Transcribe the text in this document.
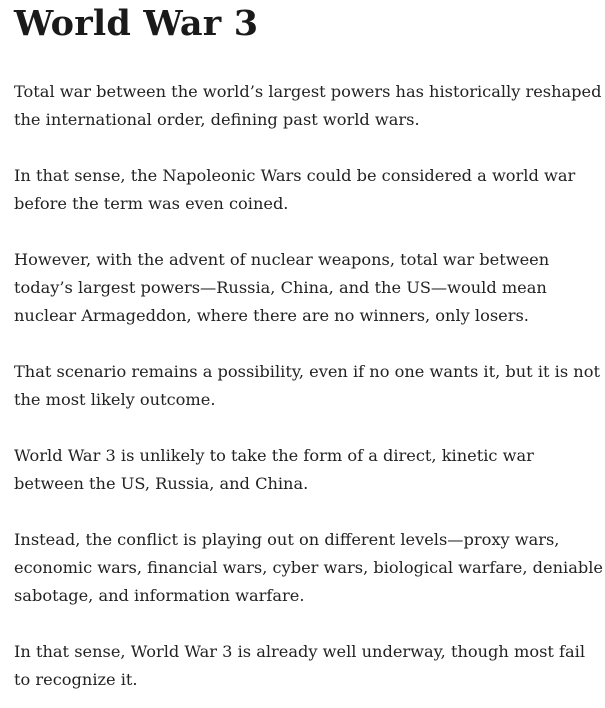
World War 3

Total war between the world’s largest powers has historically reshaped the international order, defining past world wars.

In that sense, the Napoleonic Wars could be considered a world war before the term was even coined.

However, with the advent of nuclear weapons, total war between today’s largest powers—Russia, China, and the US—would mean nuclear Armageddon, where there are no winners, only losers.

That scenario remains a possibility, even if no one wants it, but it is not the most likely outcome.

World War 3 is unlikely to take the form of a direct, kinetic war between the US, Russia, and China.

Instead, the conflict is playing out on different levels—proxy wars, economic wars, financial wars, cyber wars, biological warfare, deniable sabotage, and information warfare.

In that sense, World War 3 is already well underway, though most fail to recognize it.
